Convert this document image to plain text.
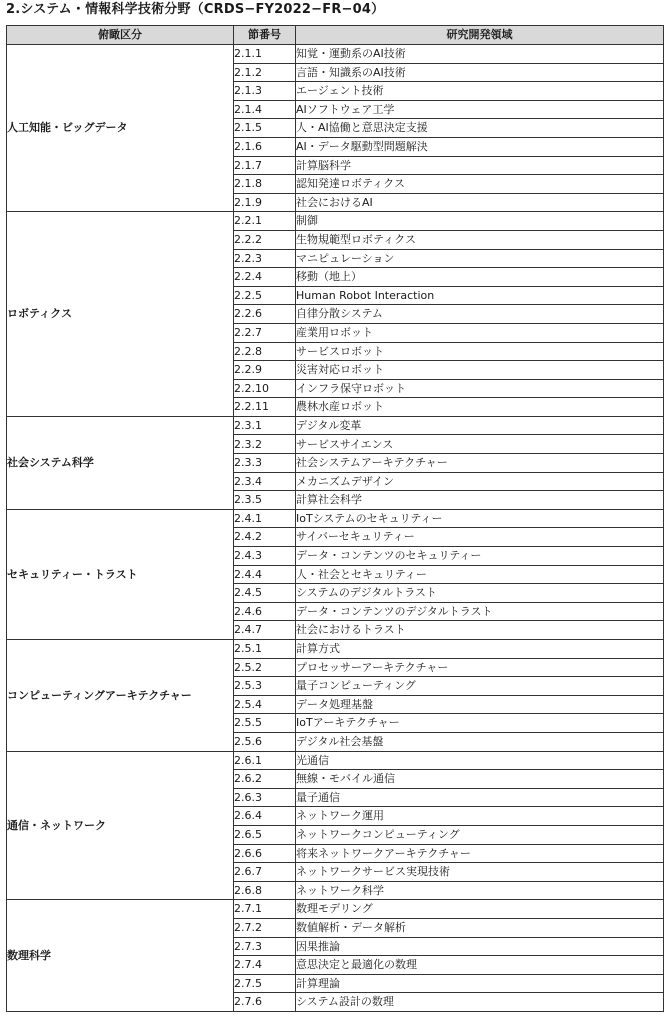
2.システム・情報科学技術分野（CRDS−FY2022−FR−04）
俯瞰区分	節番号	研究開発領域
人工知能・ビッグデータ	2.1.1	知覚・運動系のAI技術
	2.1.2	言語・知識系のAI技術
	2.1.3	エージェント技術
	2.1.4	AIソフトウェア工学
	2.1.5	人・AI協働と意思決定支援
	2.1.6	AI・データ駆動型問題解決
	2.1.7	計算脳科学
	2.1.8	認知発達ロボティクス
	2.1.9	社会におけるAI
ロボティクス	2.2.1	制御
	2.2.2	生物規範型ロボティクス
	2.2.3	マニピュレーション
	2.2.4	移動（地上）
	2.2.5	Human Robot Interaction
	2.2.6	自律分散システム
	2.2.7	産業用ロボット
	2.2.8	サービスロボット
	2.2.9	災害対応ロボット
	2.2.10	インフラ保守ロボット
	2.2.11	農林水産ロボット
社会システム科学	2.3.1	デジタル変革
	2.3.2	サービスサイエンス
	2.3.3	社会システムアーキテクチャー
	2.3.4	メカニズムデザイン
	2.3.5	計算社会科学
セキュリティー・トラスト	2.4.1	IoTシステムのセキュリティー
	2.4.2	サイバーセキュリティー
	2.4.3	データ・コンテンツのセキュリティー
	2.4.4	人・社会とセキュリティー
	2.4.5	システムのデジタルトラスト
	2.4.6	データ・コンテンツのデジタルトラスト
	2.4.7	社会におけるトラスト
コンピューティングアーキテクチャー	2.5.1	計算方式
	2.5.2	プロセッサーアーキテクチャー
	2.5.3	量子コンピューティング
	2.5.4	データ処理基盤
	2.5.5	IoTアーキテクチャー
	2.5.6	デジタル社会基盤
通信・ネットワーク	2.6.1	光通信
	2.6.2	無線・モバイル通信
	2.6.3	量子通信
	2.6.4	ネットワーク運用
	2.6.5	ネットワークコンピューティング
	2.6.6	将来ネットワークアーキテクチャー
	2.6.7	ネットワークサービス実現技術
	2.6.8	ネットワーク科学
数理科学	2.7.1	数理モデリング
	2.7.2	数値解析・データ解析
	2.7.3	因果推論
	2.7.4	意思決定と最適化の数理
	2.7.5	計算理論
	2.7.6	システム設計の数理
